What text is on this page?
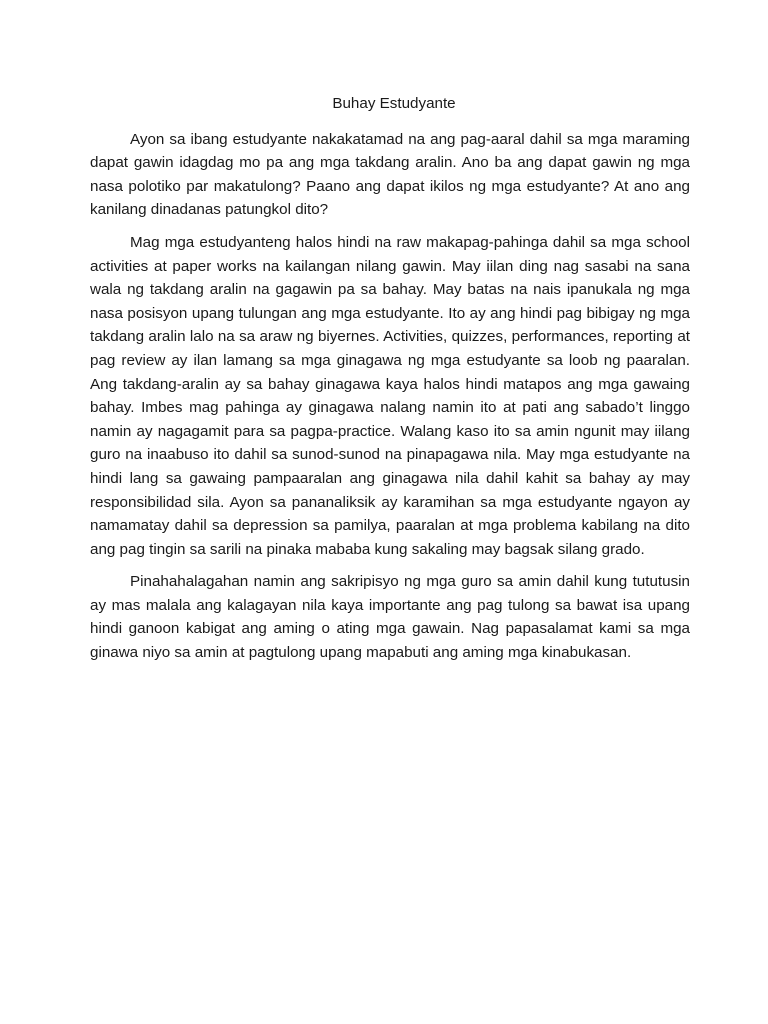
Buhay Estudyante

Ayon sa ibang estudyante nakakatamad na ang pag-aaral dahil sa mga maraming dapat gawin idagdag mo pa ang mga takdang aralin. Ano ba ang dapat gawin ng mga nasa polotiko par makatulong? Paano ang dapat ikilos ng mga estudyante? At ano ang kanilang dinadanas patungkol dito?

Mag mga estudyanteng halos hindi na raw makapag-pahinga dahil sa mga school activities at paper works na kailangan nilang gawin. May iilan ding nag sasabi na sana wala ng takdang aralin na gagawin pa sa bahay. May batas na nais ipanukala ng mga nasa posisyon upang tulungan ang mga estudyante. Ito ay ang hindi pag bibigay ng mga takdang aralin lalo na sa araw ng biyernes. Activities, quizzes, performances, reporting at pag review ay ilan lamang sa mga ginagawa ng mga estudyante sa loob ng paaralan. Ang takdang-aralin ay sa bahay ginagawa kaya halos hindi matapos ang mga gawaing bahay. Imbes mag pahinga ay ginagawa nalang namin ito at pati ang sabado’t linggo namin ay nagagamit para sa pagpa-practice. Walang kaso ito sa amin ngunit may iilang guro na inaabuso ito dahil sa sunod-sunod na pinapagawa nila. May mga estudyante na hindi lang sa gawaing pampaaralan ang ginagawa nila dahil kahit sa bahay ay may responsibilidad sila. Ayon sa pananaliksik ay karamihan sa mga estudyante ngayon ay namamatay dahil sa depression sa pamilya, paaralan at mga problema kabilang na dito ang pag tingin sa sarili na pinaka mababa kung sakaling may bagsak silang grado.

Pinahahalagahan namin ang sakripisyo ng mga guro sa amin dahil kung tututusin ay mas malala ang kalagayan nila kaya importante ang pag tulong sa bawat isa upang hindi ganoon kabigat ang aming o ating mga gawain. Nag papasalamat kami sa mga ginawa niyo sa amin at pagtulong upang mapabuti ang aming mga kinabukasan.
